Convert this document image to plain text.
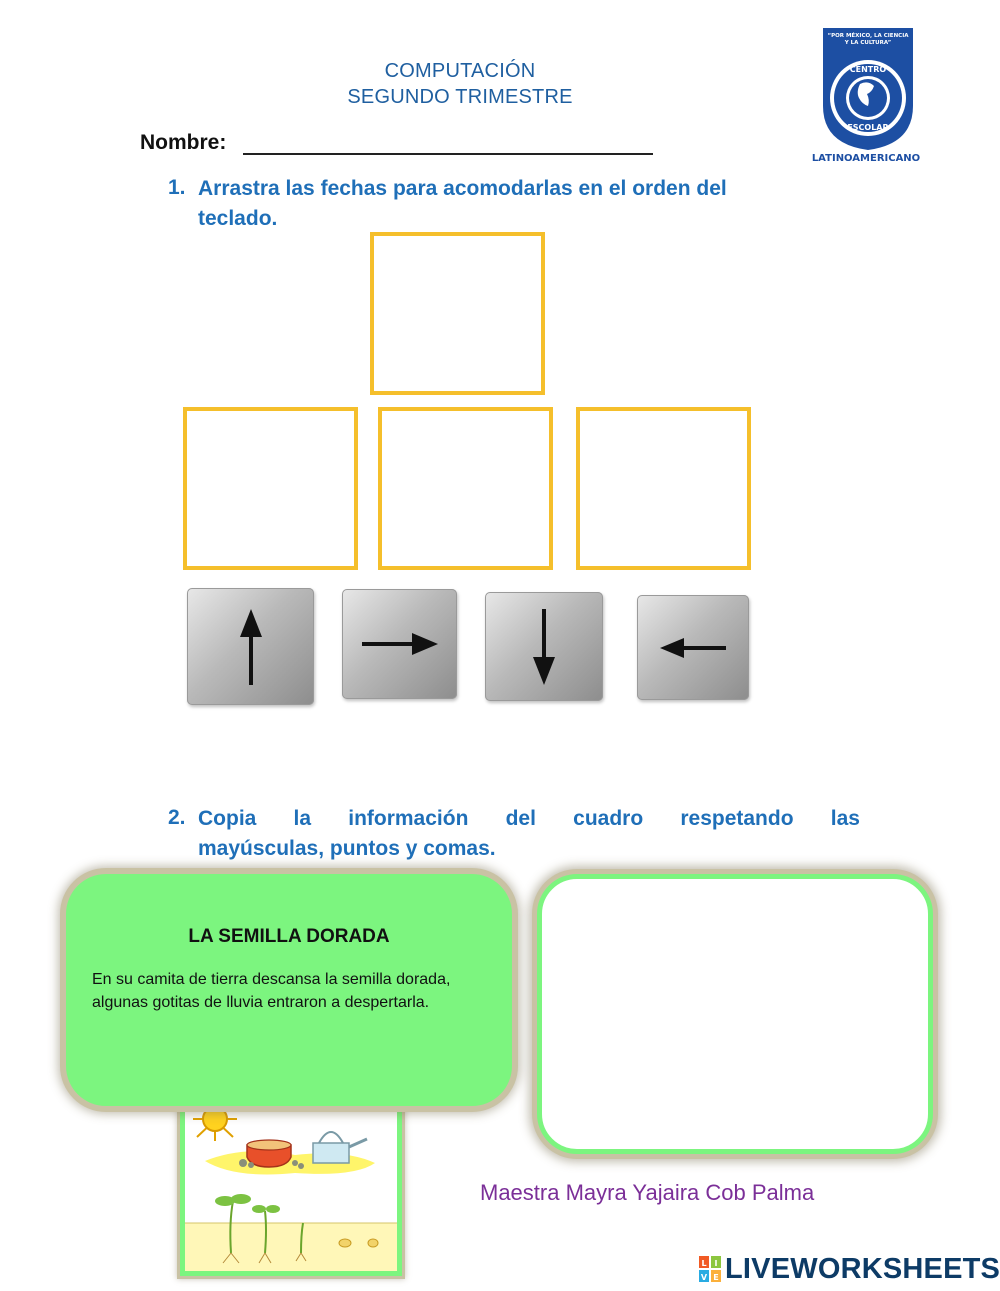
COMPUTACIÓN
SEGUNDO TRIMESTRE
“POR MÉXICO, LA CIENCIA
Y LA CULTURA”
CENTRO
ESCOLAR
LATINOAMERICANO
Nombre:
1. Arrastra las fechas para acomodarlas en el orden del
teclado.
2. Copia la información del cuadro respetando las
mayúsculas, puntos y comas.
LA SEMILLA DORADA
En su camita de tierra descansa la semilla dorada,
algunas gotitas de lluvia entraron a despertarla.
Maestra Mayra Yajaira Cob Palma
L I
V E LIVEWORKSHEETS
